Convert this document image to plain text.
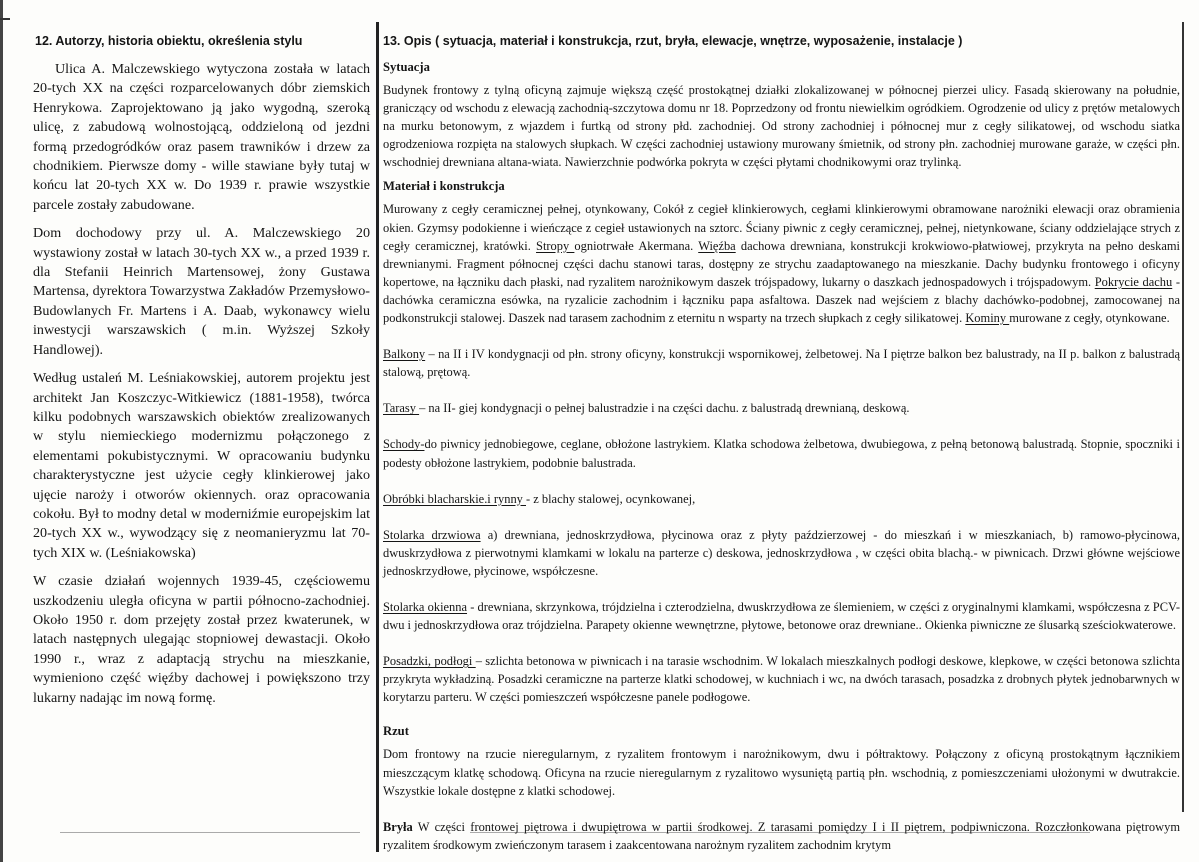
12. Autorzy, historia obiektu, określenia stylu

Ulica A. Malczewskiego wytyczona została w latach 20-tych XX na części rozparcelowanych dóbr ziemskich Henrykowa. Zaprojektowano ją jako wygodną, szeroką ulicę, z zabudową wolnostojącą, oddzieloną od jezdni formą przedogródków oraz pasem trawników i drzew za chodnikiem. Pierwsze domy - wille stawiane były tutaj w końcu lat 20-tych XX w. Do 1939 r. prawie wszystkie parcele zostały zabudowane.

Dom dochodowy przy ul. A. Malczewskiego 20 wystawiony został w latach 30-tych XX w., a przed 1939 r. dla Stefanii Heinrich Martensowej, żony Gustawa Martensa, dyrektora Towarzystwa Zakładów Przemysłowo-Budowlanych Fr. Martens i A. Daab, wykonawcy wielu inwestycji warszawskich ( m.in. Wyższej Szkoły Handlowej).

Według ustaleń M. Leśniakowskiej, autorem projektu jest architekt Jan Koszczyc-Witkiewicz (1881-1958), twórca kilku podobnych warszawskich obiektów zrealizowanych w stylu niemieckiego modernizmu połączonego z elementami pokubistycznymi. W opracowaniu budynku charakterystyczne jest użycie cegły klinkierowej jako ujęcie naroży i otworów okiennych. oraz opracowania cokołu. Był to modny detal w moderniźmie europejskim lat 20-tych XX w., wywodzący się z neomanieryzmu lat 70-tych XIX w. (Leśniakowska)

W czasie działań wojennych 1939-45, częściowemu uszkodzeniu uległa oficyna w partii północno-zachodniej. Około 1950 r. dom przejęty został przez kwaterunek, w latach następnych ulegając stopniowej dewastacji. Około 1990 r., wraz z adaptacją strychu na mieszkanie, wymieniono część więźby dachowej i powiększono trzy lukarny nadając im nową formę.

13. Opis ( sytuacja, materiał i konstrukcja, rzut, bryła, elewacje, wnętrze, wyposażenie, instalacje )
Sytuacja

Budynek frontowy z tylną oficyną zajmuje większą część prostokątnej działki zlokalizowanej w północnej pierzei ulicy. Fasadą skierowany na południe, graniczący od wschodu z elewacją zachodnią-szczytowa domu nr 18. Poprzedzony od frontu niewielkim ogródkiem. Ogrodzenie od ulicy z prętów metalowych na murku betonowym, z wjazdem i furtką od strony płd. zachodniej. Od strony zachodniej i północnej mur z cegły silikatowej, od wschodu siatka ogrodzeniowa rozpięta na stalowych słupkach. W części zachodniej ustawiony murowany śmietnik, od strony płn. zachodniej murowane garaże, w części płn. wschodniej drewniana altana-wiata. Nawierzchnie podwórka pokryta w części płytami chodnikowymi oraz trylinką.

Materiał i konstrukcja

Murowany z cegły ceramicznej pełnej, otynkowany, Cokół z cegieł klinkierowych, cegłami klinkierowymi obramowane narożniki elewacji oraz obramienia okien. Gzymsy podokienne i wieńczące z cegieł ustawionych na sztorc. Ściany piwnic z cegły ceramicznej, pełnej, nietynkowane, ściany oddzielające strych z cegły ceramicznej, kratówki. Stropy ogniotrwałe Akermana. Więźba dachowa drewniana, konstrukcji krokwiowo-płatwiowej, przykryta na pełno deskami drewnianymi. Fragment północnej części dachu stanowi taras, dostępny ze strychu zaadaptowanego na mieszkanie. Dachy budynku frontowego i oficyny kopertowe, na łączniku dach płaski, nad ryzalitem narożnikowym daszek trójspadowy, lukarny o daszkach jednospadowych i trójspadowym. Pokrycie dachu - dachówka ceramiczna esówka, na ryzalicie zachodnim i łączniku papa asfaltowa. Daszek nad wejściem z blachy dachówko-podobnej, zamocowanej na podkonstrukcji stalowej. Daszek nad tarasem zachodnim z eternitu n wsparty na trzech słupkach z cegły silikatowej. Kominy murowane z cegły, otynkowane.

Balkony – na II i IV kondygnacji od płn. strony oficyny, konstrukcji wspornikowej, żelbetowej. Na I piętrze balkon bez balustrady, na II p. balkon z balustradą stalową, prętową.

Tarasy – na II- giej kondygnacji o pełnej balustradzie i na części dachu. z balustradą drewnianą, deskową.

Schody-do piwnicy jednobiegowe, ceglane, obłożone lastrykiem. Klatka schodowa żelbetowa, dwubiegowa, z pełną betonową balustradą. Stopnie, spoczniki i podesty obłożone lastrykiem, podobnie balustrada.

Obróbki blacharskie.i rynny - z blachy stalowej, ocynkowanej,

Stolarka drzwiowa a) drewniana, jednoskrzydłowa, płycinowa oraz z płyty paździerzowej - do mieszkań i w mieszkaniach, b) ramowo-płycinowa, dwuskrzydłowa z pierwotnymi klamkami w lokalu na parterze c) deskowa, jednoskrzydłowa , w części obita blachą.- w piwnicach. Drzwi główne wejściowe jednoskrzydłowe, płycinowe, współczesne.

Stolarka okienna - drewniana, skrzynkowa, trójdzielna i czterodzielna, dwuskrzydłowa ze ślemieniem, w części z oryginalnymi klamkami, współczesna z PCV- dwu i jednoskrzydłowa oraz trójdzielna. Parapety okienne wewnętrzne, płytowe, betonowe oraz drewniane.. Okienka piwniczne ze ślusarką sześciokwaterowe.

Posadzki, podłogi – szlichta betonowa w piwnicach i na tarasie wschodnim. W lokalach mieszkalnych podłogi deskowe, klepkowe, w części betonowa szlichta przykryta wykładziną. Posadzki ceramiczne na parterze klatki schodowej, w kuchniach i wc, na dwóch tarasach, posadzka z drobnych płytek jednobarwnych w korytarzu parteru. W części pomieszczeń współczesne panele podłogowe.

Rzut

Dom frontowy na rzucie nieregularnym, z ryzalitem frontowym i narożnikowym, dwu i półtraktowy. Połączony z oficyną prostokątnym łącznikiem mieszczącym klatkę schodową. Oficyna na rzucie nieregularnym z ryzalitowo wysuniętą partią płn. wschodnią, z pomieszczeniami ułożonymi w dwutrakcie. Wszystkie lokale dostępne z klatki schodowej.

Bryła W części frontowej piętrowa i dwupiętrowa w partii środkowej. Z tarasami pomiędzy I i II piętrem, podpiwniczona. Rozczłonkowana piętrowym ryzalitem środkowym zwieńczonym tarasem i zaakcentowana narożnym ryzalitem zachodnim krytym
